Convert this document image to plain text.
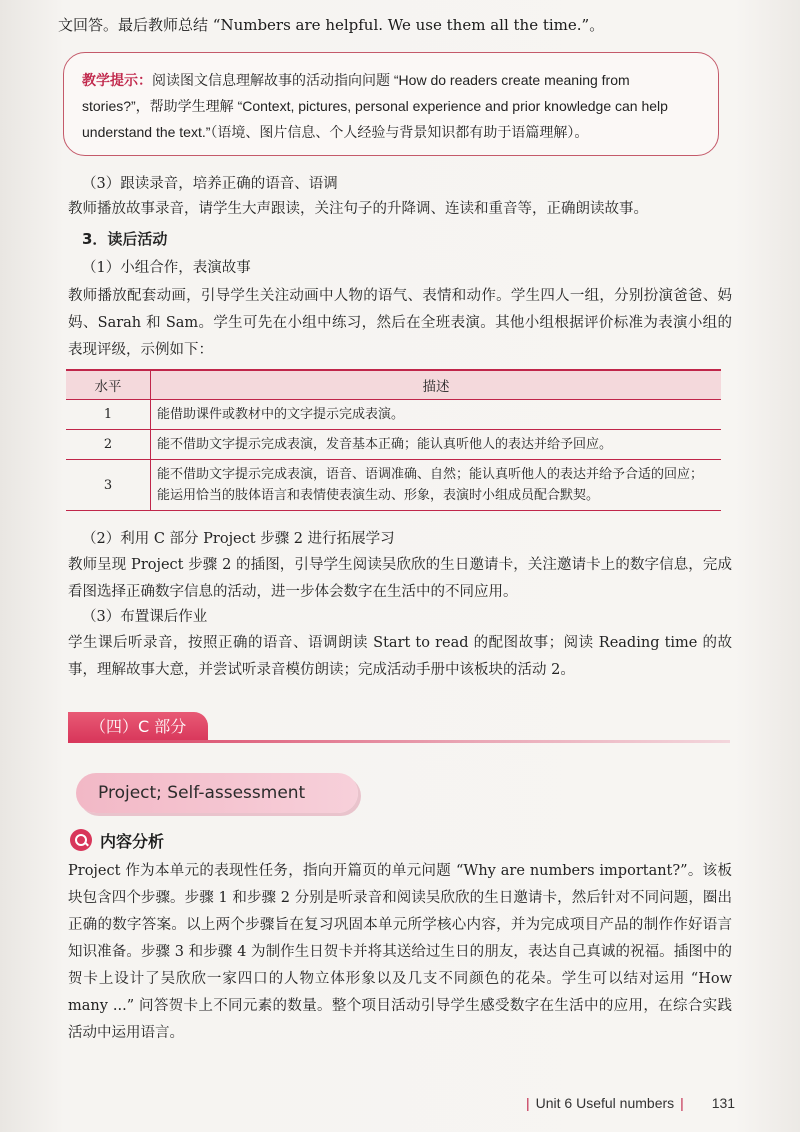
文回答。最后教师总结 “Numbers are helpful. We use them all the time.”。
教学提示：阅读图文信息理解故事的活动指向问题 “How do readers create meaning from stories?”，帮助学生理解 “Context, pictures, personal experience and prior knowledge can help understand the text.”（语境、图片信息、个人经验与背景知识都有助于语篇理解）。
（3）跟读录音，培养正确的语音、语调
教师播放故事录音，请学生大声跟读，关注句子的升降调、连读和重音等，正确朗读故事。
3．读后活动
（1）小组合作，表演故事
教师播放配套动画，引导学生关注动画中人物的语气、表情和动作。学生四人一组，分别扮演爸爸、妈妈、Sarah 和 Sam。学生可先在小组中练习，然后在全班表演。其他小组根据评价标准为表演小组的表现评级，示例如下：
水平	描述
1	能借助课件或教材中的文字提示完成表演。
2	能不借助文字提示完成表演，发音基本正确；能认真听他人的表达并给予回应。
3	能不借助文字提示完成表演，语音、语调准确、自然；能认真听他人的表达并给予合适的回应；能运用恰当的肢体语言和表情使表演生动、形象，表演时小组成员配合默契。
（2）利用 C 部分 Project 步骤 2 进行拓展学习
教师呈现 Project 步骤 2 的插图，引导学生阅读吴欣欣的生日邀请卡，关注邀请卡上的数字信息，完成看图选择正确数字信息的活动，进一步体会数字在生活中的不同应用。
（3）布置课后作业
学生课后听录音，按照正确的语音、语调朗读 Start to read 的配图故事；阅读 Reading time 的故事，理解故事大意，并尝试听录音模仿朗读；完成活动手册中该板块的活动 2。
（四）C 部分
Project; Self-assessment
内容分析
Project 作为本单元的表现性任务，指向开篇页的单元问题 “Why are numbers important?”。该板块包含四个步骤。步骤 1 和步骤 2 分别是听录音和阅读吴欣欣的生日邀请卡，然后针对不同问题，圈出正确的数字答案。以上两个步骤旨在复习巩固本单元所学核心内容，并为完成项目产品的制作作好语言知识准备。步骤 3 和步骤 4 为制作生日贺卡并将其送给过生日的朋友，表达自己真诚的祝福。插图中的贺卡上设计了吴欣欣一家四口的人物立体形象以及几支不同颜色的花朵。学生可以结对运用 “How many ...” 问答贺卡上不同元素的数量。整个项目活动引导学生感受数字在生活中的应用，在综合实践活动中运用语言。
| Unit 6 Useful numbers | 131
